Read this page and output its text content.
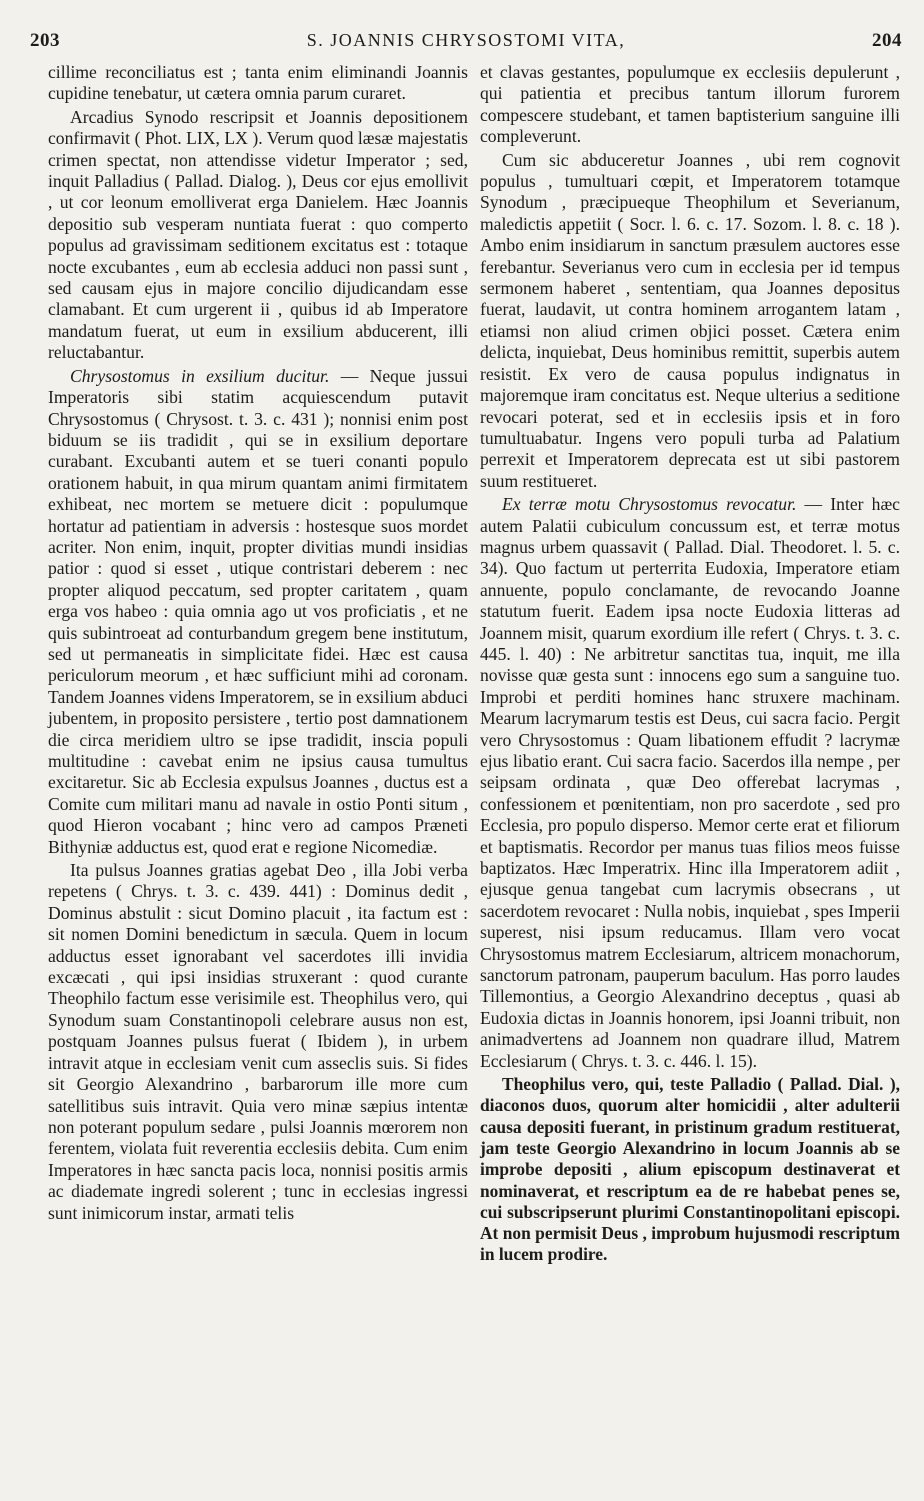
203	S. JOANNIS CHRYSOSTOMI VITA,	204

cillime reconciliatus est ; tanta enim eliminandi Joannis cupidine tenebatur, ut cætera omnia parum curaret.

Arcadius Synodo rescripsit et Joannis depositionem confirmavit ( Phot. LIX, LX ). Verum quod læsæ majestatis crimen spectat, non attendisse videtur Imperator ; sed, inquit Palladius ( Pallad. Dialog. ), Deus cor ejus emollivit , ut cor leonum emolliverat erga Danielem. Hæc Joannis depositio sub vesperam nuntiata fuerat : quo comperto populus ad gravissimam seditionem excitatus est : totaque nocte excubantes , eum ab ecclesia adduci non passi sunt , sed causam ejus in majore concilio dijudicandam esse clamabant. Et cum urgerent ii , quibus id ab Imperatore mandatum fuerat, ut eum in exsilium abducerent, illi reluctabantur.

Chrysostomus in exsilium ducitur. — Neque jussui Imperatoris sibi statim acquiescendum putavit Chrysostomus ( Chrysost. t. 3. c. 431 ); nonnisi enim post biduum se iis tradidit , qui se in exsilium deportare curabant. Excubanti autem et se tueri conanti populo orationem habuit, in qua mirum quantam animi firmitatem exhibeat, nec mortem se metuere dicit : populumque hortatur ad patientiam in adversis : hostesque suos mordet acriter. Non enim, inquit, propter divitias mundi insidias patior : quod si esset , utique contristari deberem : nec propter aliquod peccatum, sed propter caritatem , quam erga vos habeo : quia omnia ago ut vos proficiatis , et ne quis subintroeat ad conturbandum gregem bene institutum, sed ut permaneatis in simplicitate fidei. Hæc est causa periculorum meorum , et hæc sufficiunt mihi ad coronam. Tandem Joannes videns Imperatorem, se in exsilium abduci jubentem, in proposito persistere , tertio post damnationem die circa meridiem ultro se ipse tradidit, inscia populi multitudine : cavebat enim ne ipsius causa tumultus excitaretur. Sic ab Ecclesia expulsus Joannes , ductus est a Comite cum militari manu ad navale in ostio Ponti situm , quod Hieron vocabant ; hinc vero ad campos Præneti Bithyniæ adductus est, quod erat e regione Nicomediæ.

Ita pulsus Joannes gratias agebat Deo , illa Jobi verba repetens ( Chrys. t. 3. c. 439. 441) : Dominus dedit , Dominus abstulit : sicut Domino placuit , ita factum est : sit nomen Domini benedictum in sæcula. Quem in locum adductus esset ignorabant vel sacerdotes illi invidia excæcati , qui ipsi insidias struxerant : quod curante Theophilo factum esse verisimile est. Theophilus vero, qui Synodum suam Constantinopoli celebrare ausus non est, postquam Joannes pulsus fuerat ( Ibidem ), in urbem intravit atque in ecclesiam venit cum asseclis suis. Si fides sit Georgio Alexandrino , barbarorum ille more cum satellitibus suis intravit. Quia vero minæ sæpius intentæ non poterant populum sedare , pulsi Joannis mœrorem non ferentem, violata fuit reverentia ecclesiis debita. Cum enim Imperatores in hæc sancta pacis loca, nonnisi positis armis ac diademate ingredi solerent ; tunc in ecclesias ingressi sunt inimicorum instar, armati telis

et clavas gestantes, populumque ex ecclesiis depulerunt , qui patientia et precibus tantum illorum furorem compescere studebant, et tamen baptisterium sanguine illi compleverunt.

Cum sic abduceretur Joannes , ubi rem cognovit populus , tumultuari cœpit, et Imperatorem totamque Synodum , præcipueque Theophilum et Severianum, maledictis appetiit ( Socr. l. 6. c. 17. Sozom. l. 8. c. 18 ). Ambo enim insidiarum in sanctum præsulem auctores esse ferebantur. Severianus vero cum in ecclesia per id tempus sermonem haberet , sententiam, qua Joannes depositus fuerat, laudavit, ut contra hominem arrogantem latam , etiamsi non aliud crimen objici posset. Cætera enim delicta, inquiebat, Deus hominibus remittit, superbis autem resistit. Ex vero de causa populus indignatus in majoremque iram concitatus est. Neque ulterius a seditione revocari poterat, sed et in ecclesiis ipsis et in foro tumultuabatur. Ingens vero populi turba ad Palatium perrexit et Imperatorem deprecata est ut sibi pastorem suum restitueret.

Ex terræ motu Chrysostomus revocatur. — Inter hæc autem Palatii cubiculum concussum est, et terræ motus magnus urbem quassavit ( Pallad. Dial. Theodoret. l. 5. c. 34). Quo factum ut perterrita Eudoxia, Imperatore etiam annuente, populo conclamante, de revocando Joanne statutum fuerit. Eadem ipsa nocte Eudoxia litteras ad Joannem misit, quarum exordium ille refert ( Chrys. t. 3. c. 445. l. 40) : Ne arbitretur sanctitas tua, inquit, me illa novisse quæ gesta sunt : innocens ego sum a sanguine tuo. Improbi et perditi homines hanc struxere machinam. Mearum lacrymarum testis est Deus, cui sacra facio. Pergit vero Chrysostomus : Quam libationem effudit ? lacrymæ ejus libatio erant. Cui sacra facio. Sacerdos illa nempe , per seipsam ordinata , quæ Deo offerebat lacrymas , confessionem et pœnitentiam, non pro sacerdote , sed pro Ecclesia, pro populo disperso. Memor certe erat et filiorum et baptismatis. Recordor per manus tuas filios meos fuisse baptizatos. Hæc Imperatrix. Hinc illa Imperatorem adiit , ejusque genua tangebat cum lacrymis obsecrans , ut sacerdotem revocaret : Nulla nobis, inquiebat , spes Imperii superest, nisi ipsum reducamus. Illam vero vocat Chrysostomus matrem Ecclesiarum, altricem monachorum, sanctorum patronam, pauperum baculum. Has porro laudes Tillemontius, a Georgio Alexandrino deceptus , quasi ab Eudoxia dictas in Joannis honorem, ipsi Joanni tribuit, non animadvertens ad Joannem non quadrare illud, Matrem Ecclesiarum ( Chrys. t. 3. c. 446. l. 15).

Theophilus vero, qui, teste Palladio ( Pallad. Dial. ), diaconos duos, quorum alter homicidii , alter adulterii causa depositi fuerant, in pristinum gradum restituerat, jam teste Georgio Alexandrino in locum Joannis ab se improbe depositi , alium episcopum destinaverat et nominaverat, et rescriptum ea de re habebat penes se, cui subscripserunt plurimi Constantinopolitani episcopi. At non permisit Deus , improbum hujusmodi rescriptum in lucem prodire.
